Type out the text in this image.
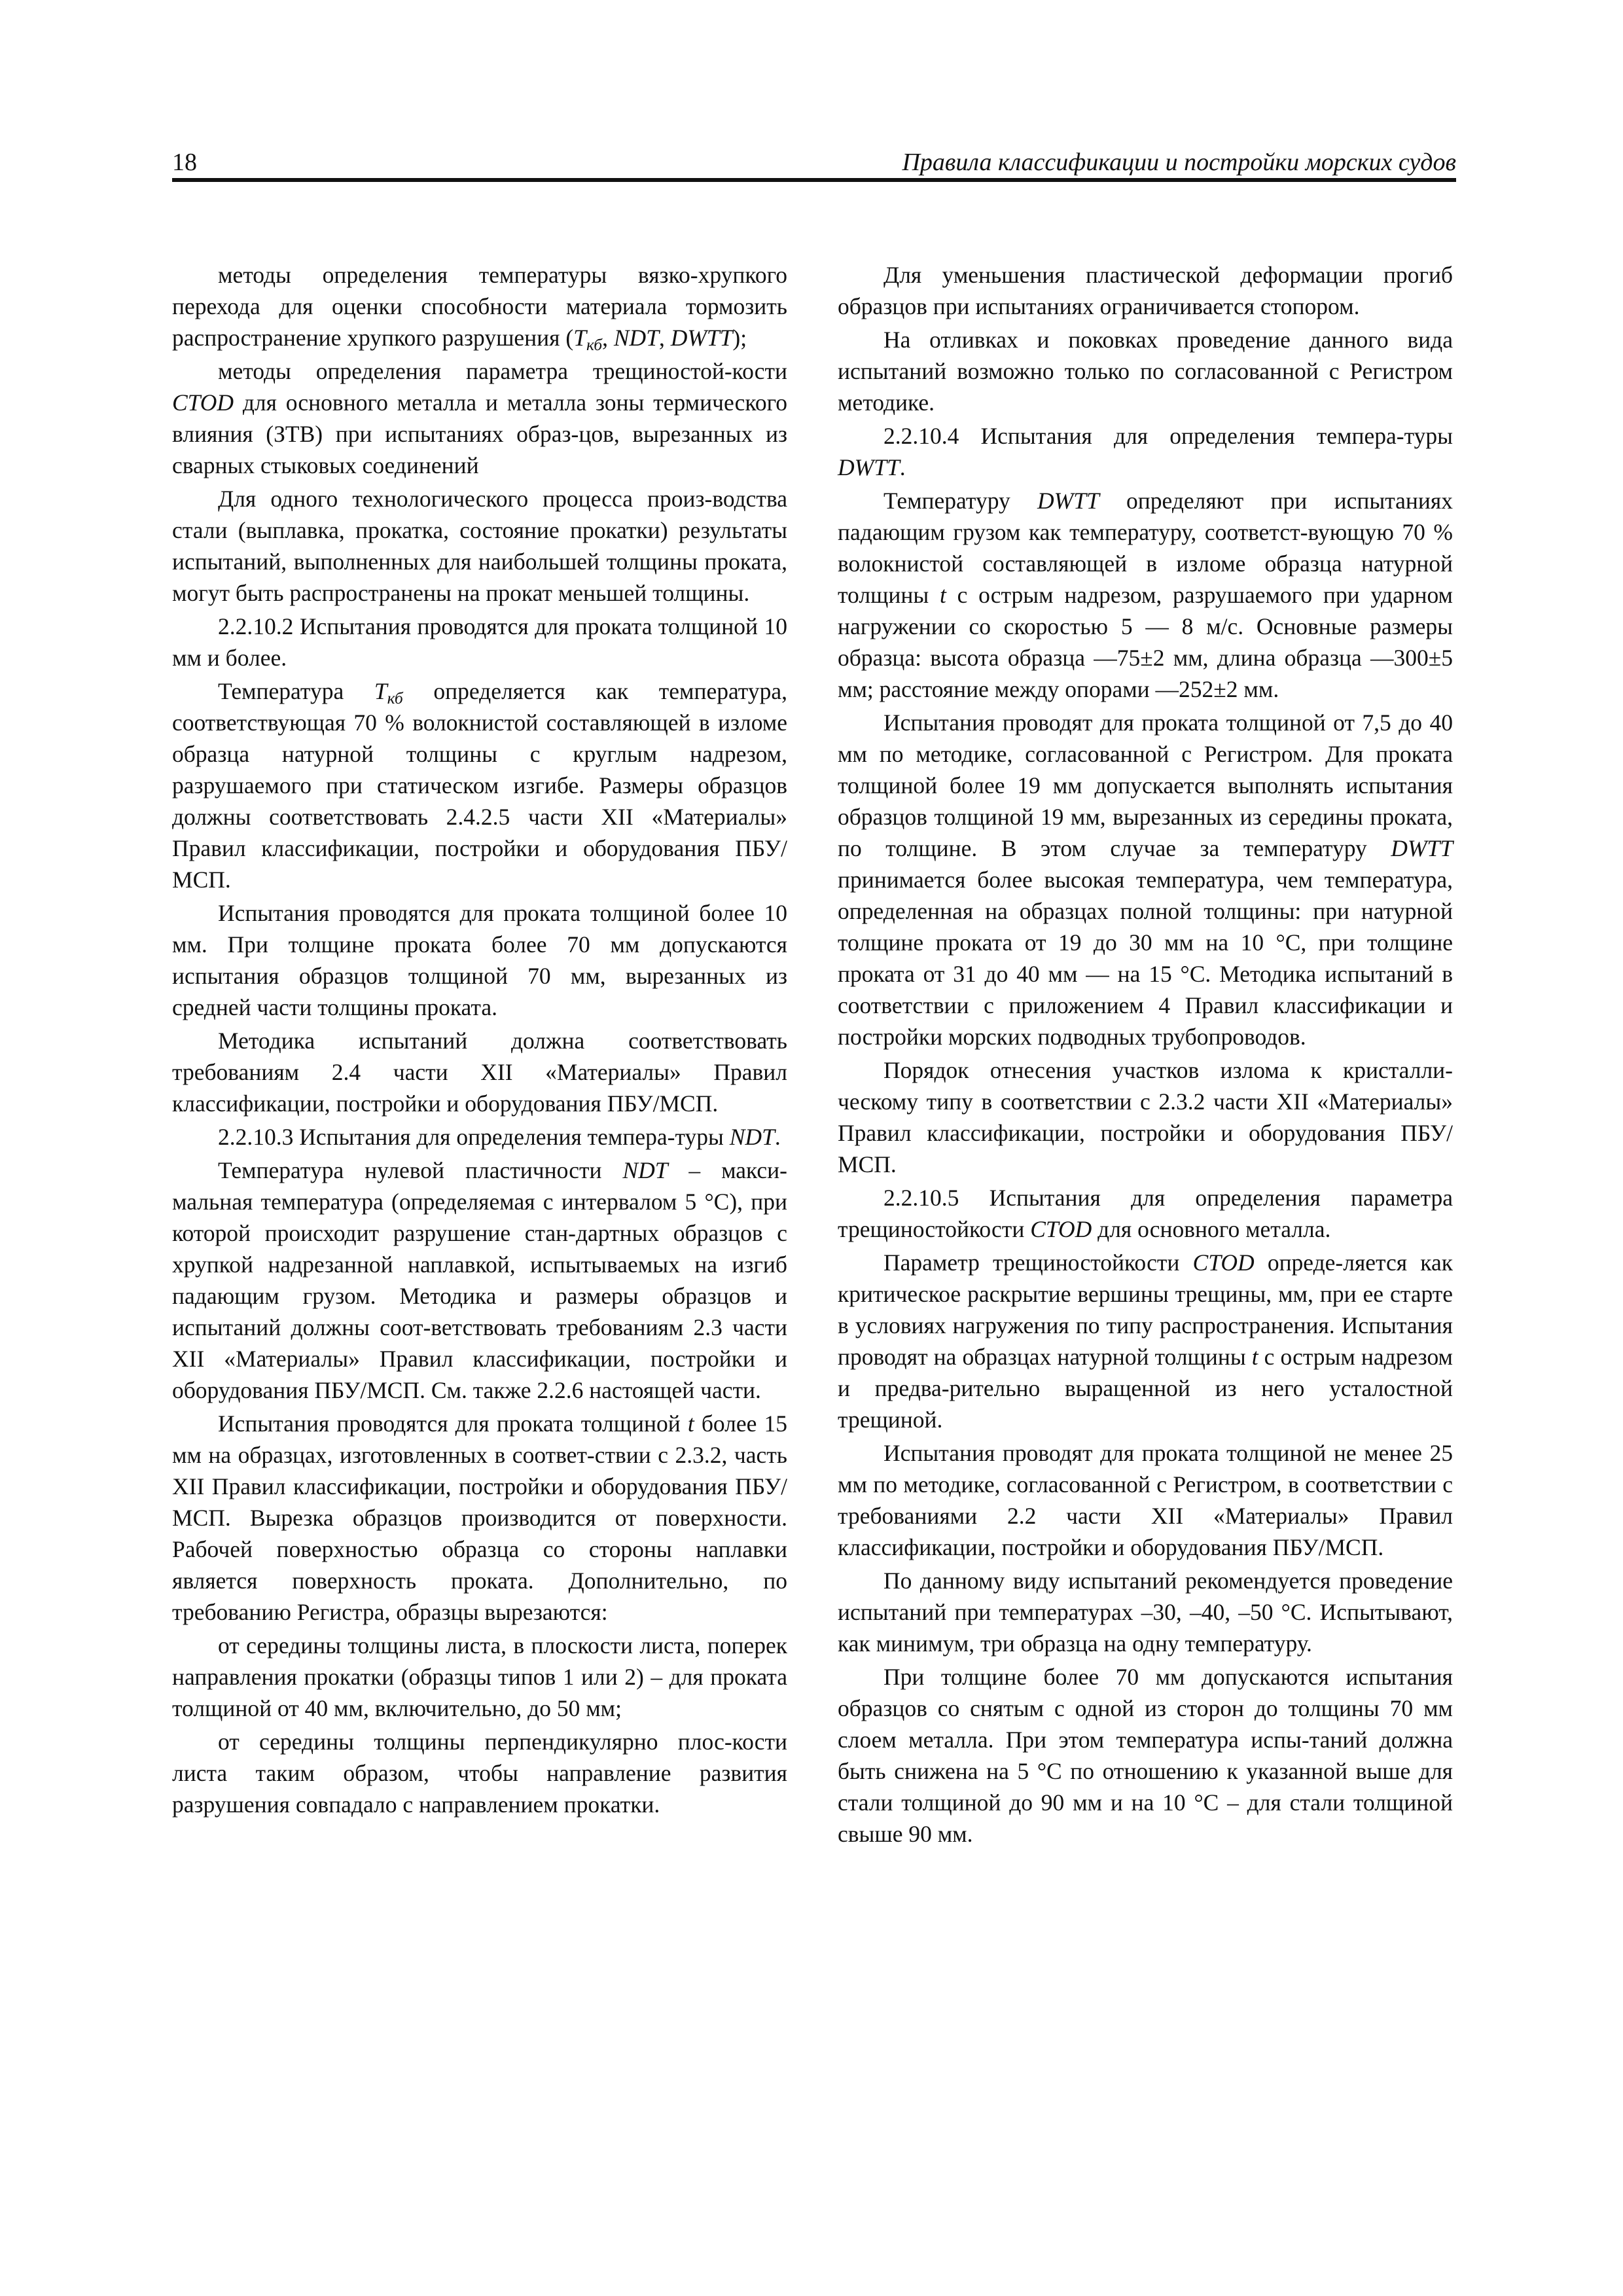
18	Правила классификации и постройки морских судов

методы определения температуры вязко-хрупкого перехода для оценки способности материала тормозить распространение хрупкого разрушения ($T_{кб}$, NDT, DWTT);

методы определения параметра трещиностой-кости CTOD для основного металла и металла зоны термического влияния (ЗТВ) при испытаниях образ-цов, вырезанных из сварных стыковых соединений

Для одного технологического процесса произ-водства стали (выплавка, прокатка, состояние прокатки) результаты испытаний, выполненных для наибольшей толщины проката, могут быть распространены на прокат меньшей толщины.

2.2.10.2 Испытания проводятся для проката толщиной 10 мм и более.

Температура $T_{кб}$ определяется как температура, соответствующая 70 % волокнистой составляющей в изломе образца натурной толщины с круглым надрезом, разрушаемого при статическом изгибе. Размеры образцов должны соответствовать 2.4.2.5 части XII «Материалы» Правил классификации, постройки и оборудования ПБУ/МСП.

Испытания проводятся для проката толщиной более 10 мм. При толщине проката более 70 мм допускаются испытания образцов толщиной 70 мм, вырезанных из средней части толщины проката.

Методика испытаний должна соответствовать требованиям 2.4 части XII «Материалы» Правил классификации, постройки и оборудования ПБУ/МСП.

2.2.10.3 Испытания для определения темпера-туры NDT.

Температура нулевой пластичности NDT – макси-мальная температура (определяемая с интервалом 5 °С), при которой происходит разрушение стан-дартных образцов с хрупкой надрезанной наплавкой, испытываемых на изгиб падающим грузом. Методика и размеры образцов и испытаний должны соот-ветствовать требованиям 2.3 части XII «Материалы» Правил классификации, постройки и оборудования ПБУ/МСП. См. также 2.2.6 настоящей части.

Испытания проводятся для проката толщиной t более 15 мм на образцах, изготовленных в соответ-ствии с 2.3.2, часть XII Правил классификации, постройки и оборудования ПБУ/МСП. Вырезка образцов производится от поверхности. Рабочей поверхностью образца со стороны наплавки является поверхность проката. Дополнительно, по требованию Регистра, образцы вырезаются:

от середины толщины листа, в плоскости листа, поперек направления прокатки (образцы типов 1 или 2) – для проката толщиной от 40 мм, включительно, до 50 мм;

от середины толщины перпендикулярно плос-кости листа таким образом, чтобы направление развития разрушения совпадало с направлением прокатки.

Для уменьшения пластической деформации прогиб образцов при испытаниях ограничивается стопором.

На отливках и поковках проведение данного вида испытаний возможно только по согласованной с Регистром методике.

2.2.10.4 Испытания для определения темпера-туры DWTT.

Температуру DWTT определяют при испытаниях падающим грузом как температуру, соответст-вующую 70 % волокнистой составляющей в изломе образца натурной толщины t с острым надрезом, разрушаемого при ударном нагружении со скоростью 5 — 8 м/с. Основные размеры образца: высота образца —75±2 мм, длина образца —300±5 мм; расстояние между опорами —252±2 мм.

Испытания проводят для проката толщиной от 7,5 до 40 мм по методике, согласованной с Регистром. Для проката толщиной более 19 мм допускается выполнять испытания образцов толщиной 19 мм, вырезанных из середины проката, по толщине. В этом случае за температуру DWTT принимается более высокая температура, чем температура, определенная на образцах полной толщины: при натурной толщине проката от 19 до 30 мм на 10 °С, при толщине проката от 31 до 40 мм — на 15 °С. Методика испытаний в соответствии с приложением 4 Правил классификации и постройки морских подводных трубопроводов.

Порядок отнесения участков излома к кристалли-ческому типу в соответствии с 2.3.2 части XII «Материалы» Правил классификации, постройки и оборудования ПБУ/МСП.

2.2.10.5 Испытания для определения параметра трещиностойкости CTOD для основного металла.

Параметр трещиностойкости CTOD опреде-ляется как критическое раскрытие вершины трещины, мм, при ее старте в условиях нагружения по типу распространения. Испытания проводят на образцах натурной толщины t с острым надрезом и предва-рительно выращенной из него усталостной трещиной.

Испытания проводят для проката толщиной не менее 25 мм по методике, согласованной с Регистром, в соответствии с требованиями 2.2 части XII «Материалы» Правил классификации, постройки и оборудования ПБУ/МСП.

По данному виду испытаний рекомендуется проведение испытаний при температурах –30, –40, –50 °С. Испытывают, как минимум, три образца на одну температуру.

При толщине более 70 мм допускаются испытания образцов со снятым с одной из сторон до толщины 70 мм слоем металла. При этом температура испы-таний должна быть снижена на 5 °С по отношению к указанной выше для стали толщиной до 90 мм и на 10 °С – для стали толщиной свыше 90 мм.
